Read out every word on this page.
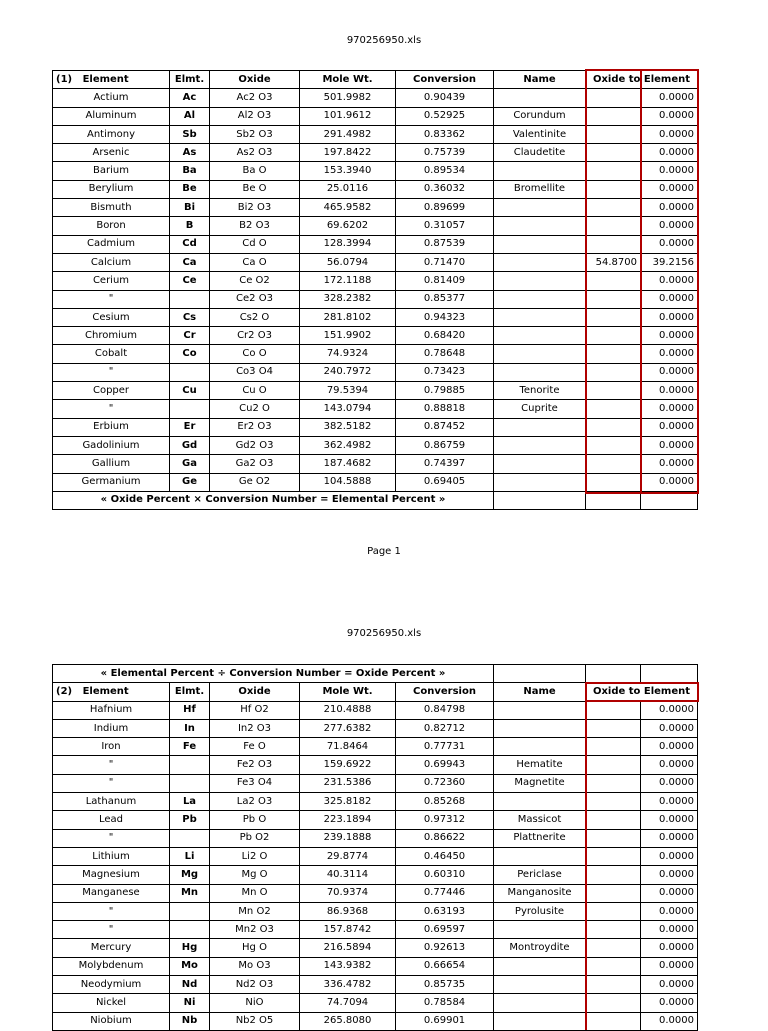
970256950.xls
(1) Element	Elmt.	Oxide	Mole Wt.	Conversion	Name	Oxide to Element	
Actium	Ac	Ac2 O3	501.9982	0.90439			0.0000
Aluminum	Al	Al2 O3	101.9612	0.52925	Corundum		0.0000
Antimony	Sb	Sb2 O3	291.4982	0.83362	Valentinite		0.0000
Arsenic	As	As2 O3	197.8422	0.75739	Claudetite		0.0000
Barium	Ba	Ba O	153.3940	0.89534			0.0000
Berylium	Be	Be O	25.0116	0.36032	Bromellite		0.0000
Bismuth	Bi	Bi2 O3	465.9582	0.89699			0.0000
Boron	B	B2 O3	69.6202	0.31057			0.0000
Cadmium	Cd	Cd O	128.3994	0.87539			0.0000
Calcium	Ca	Ca O	56.0794	0.71470		54.8700	39.2156
Cerium	Ce	Ce O2	172.1188	0.81409			0.0000
"		Ce2 O3	328.2382	0.85377			0.0000
Cesium	Cs	Cs2 O	281.8102	0.94323			0.0000
Chromium	Cr	Cr2 O3	151.9902	0.68420			0.0000
Cobalt	Co	Co O	74.9324	0.78648			0.0000
"		Co3 O4	240.7972	0.73423			0.0000
Copper	Cu	Cu O	79.5394	0.79885	Tenorite		0.0000
"		Cu2 O	143.0794	0.88818	Cuprite		0.0000
Erbium	Er	Er2 O3	382.5182	0.87452			0.0000
Gadolinium	Gd	Gd2 O3	362.4982	0.86759			0.0000
Gallium	Ga	Ga2 O3	187.4682	0.74397			0.0000
Germanium	Ge	Ge O2	104.5888	0.69405			0.0000
« Oxide Percent × Conversion Number = Elemental Percent »							
Page 1
970256950.xls
« Elemental Percent ÷ Conversion Number = Oxide Percent »							
(2) Element	Elmt.	Oxide	Mole Wt.	Conversion	Name	Oxide to Element	
Hafnium	Hf	Hf O2	210.4888	0.84798			0.0000
Indium	In	In2 O3	277.6382	0.82712			0.0000
Iron	Fe	Fe O	71.8464	0.77731			0.0000
"		Fe2 O3	159.6922	0.69943	Hematite		0.0000
"		Fe3 O4	231.5386	0.72360	Magnetite		0.0000
Lathanum	La	La2 O3	325.8182	0.85268			0.0000
Lead	Pb	Pb O	223.1894	0.97312	Massicot		0.0000
"		Pb O2	239.1888	0.86622	Plattnerite		0.0000
Lithium	Li	Li2 O	29.8774	0.46450			0.0000
Magnesium	Mg	Mg O	40.3114	0.60310	Periclase		0.0000
Manganese	Mn	Mn O	70.9374	0.77446	Manganosite		0.0000
"		Mn O2	86.9368	0.63193	Pyrolusite		0.0000
"		Mn2 O3	157.8742	0.69597			0.0000
Mercury	Hg	Hg O	216.5894	0.92613	Montroydite		0.0000
Molybdenum	Mo	Mo O3	143.9382	0.66654			0.0000
Neodymium	Nd	Nd2 O3	336.4782	0.85735			0.0000
Nickel	Ni	NiO	74.7094	0.78584			0.0000
Niobium	Nb	Nb2 O5	265.8080	0.69901			0.0000
